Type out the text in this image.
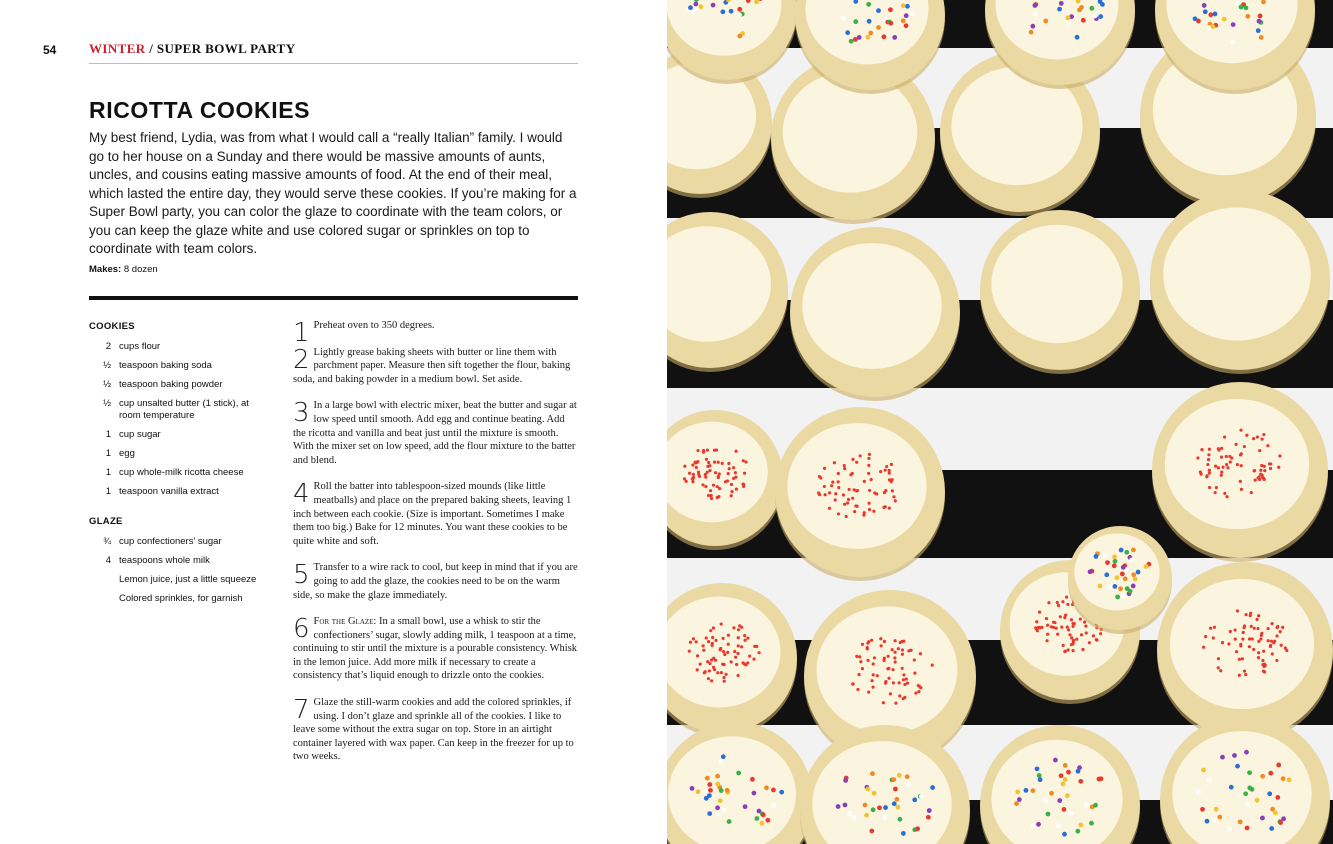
54	WINTER / SUPER BOWL PARTY
RICOTTA COOKIES

My best friend, Lydia, was from what I would call a “really Italian” family. I would go to her house on a Sunday and there would be massive amounts of aunts, uncles, and cousins eating massive amounts of food. At the end of their meal, which lasted the entire day, they would serve these cookies. If you’re making for a Super Bowl party, you can color the glaze to coordinate with the team colors, or you can keep the glaze white and use colored sugar or sprinkles on top to coordinate with team colors.

Makes: 8 dozen
COOKIES
2 cups flour
½ teaspoon baking soda
½ teaspoon baking powder
½ cup unsalted butter (1 stick), at room temperature
1 cup sugar
1 egg
1 cup whole-milk ricotta cheese
1 teaspoon vanilla extract
GLAZE
¾ cup confectioners’ sugar
4 teaspoons whole milk
Lemon juice, just a little squeeze
Colored sprinkles, for garnish
1 Preheat oven to 350 degrees.

2 Lightly grease baking sheets with butter or line them with parchment paper. Measure then sift together the flour, baking soda, and baking powder in a medium bowl. Set aside.

3 In a large bowl with electric mixer, beat the butter and sugar at low speed until smooth. Add egg and continue beating. Add the ricotta and vanilla and beat just until the mixture is smooth. With the mixer set on low speed, add the flour mixture to the batter and blend.

4 Roll the batter into tablespoon-sized mounds (like little meatballs) and place on the prepared baking sheets, leaving 1 inch between each cookie. (Size is important. Sometimes I make them too big.) Bake for 12 minutes. You want these cookies to be quite white and soft.

5 Transfer to a wire rack to cool, but keep in mind that if you are going to add the glaze, the cookies need to be on the warm side, so make the glaze immediately.

6 For the Glaze: In a small bowl, use a whisk to stir the confectioners’ sugar, slowly adding milk, 1 teaspoon at a time, continuing to stir until the mixture is a pourable consistency. Whisk in the lemon juice. Add more milk if necessary to create a consistency that’s liquid enough to drizzle onto the cookies.

7 Glaze the still-warm cookies and add the colored sprinkles, if using. I don’t glaze and sprinkle all of the cookies. I like to leave some without the extra sugar on top. Store in an airtight container layered with wax paper. Can keep in the freezer for up to two weeks.
